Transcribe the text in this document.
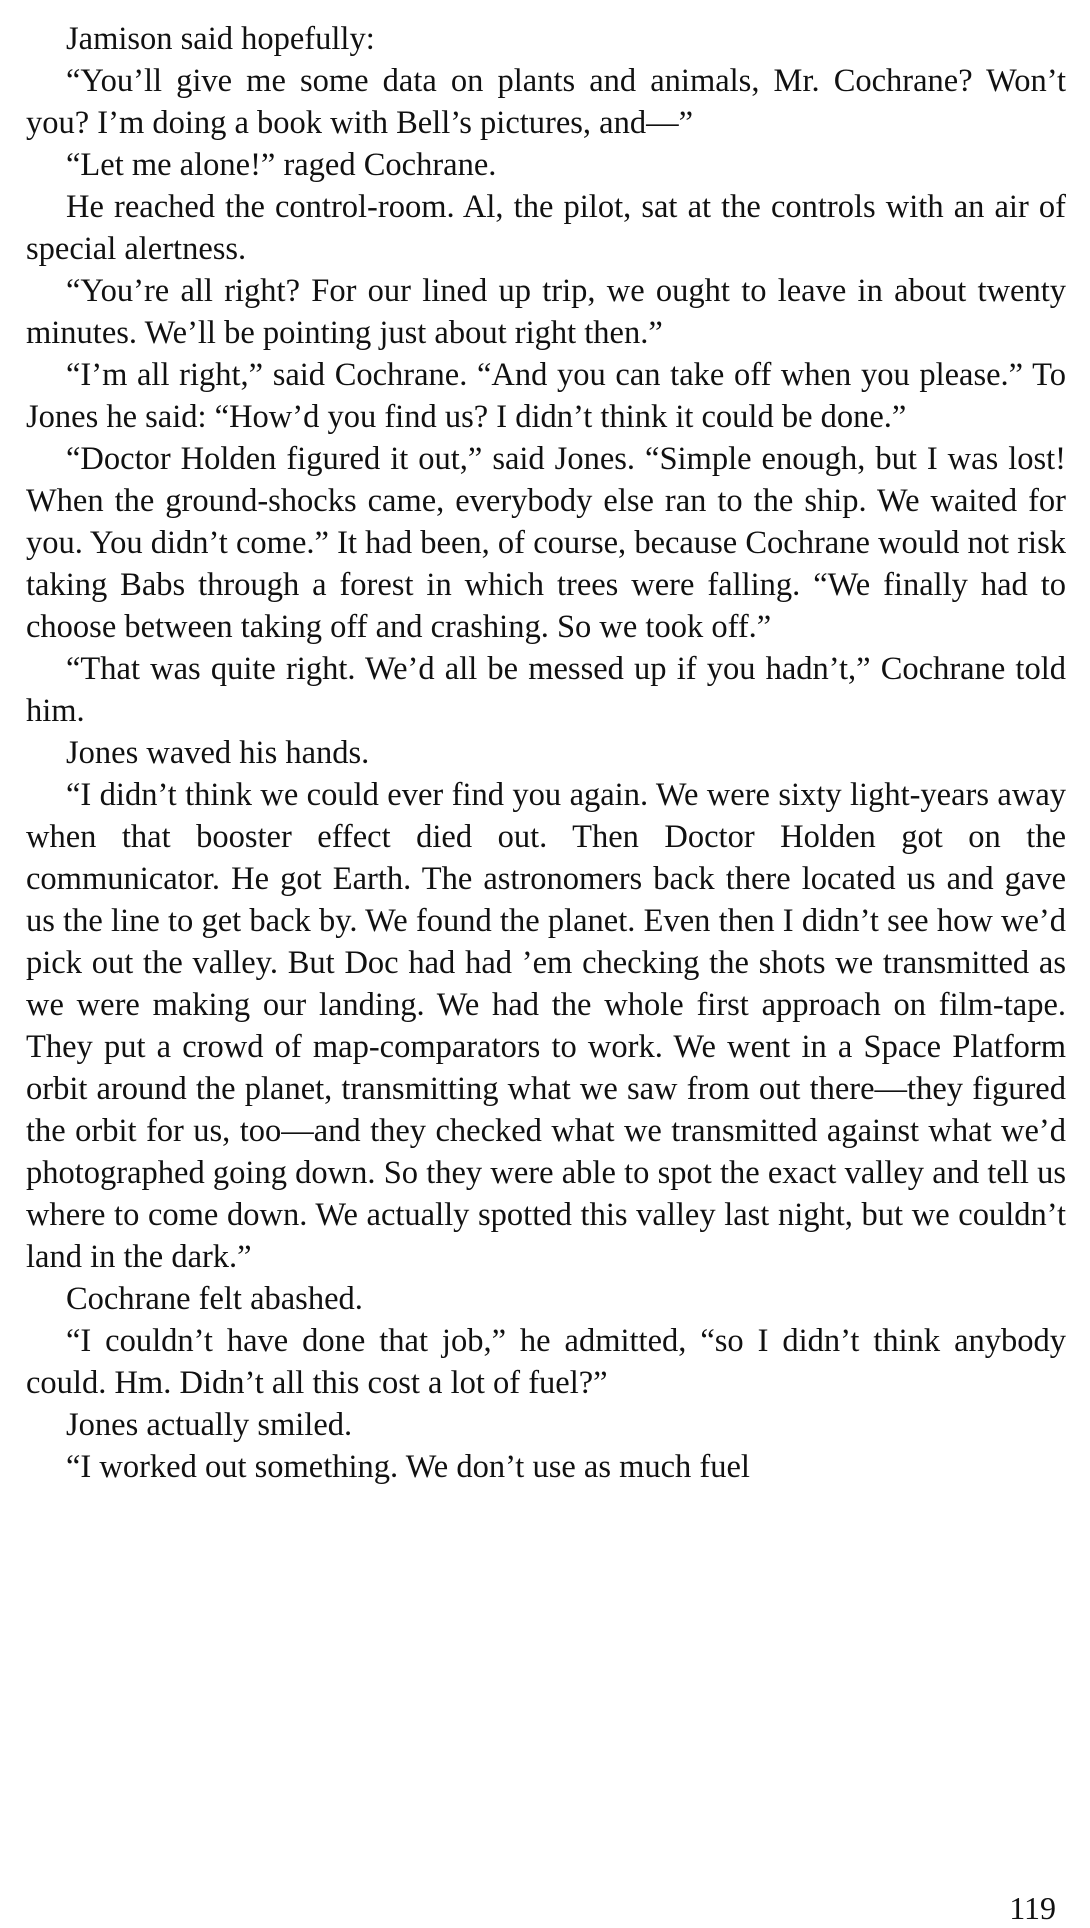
Jamison said hopefully:

“You’ll give me some data on plants and animals, Mr. Cochrane? Won’t you? I’m doing a book with Bell’s pictures, and—”

“Let me alone!” raged Cochrane.

He reached the control-room. Al, the pilot, sat at the controls with an air of special alertness.

“You’re all right? For our lined up trip, we ought to leave in about twenty minutes. We’ll be pointing just about right then.”

“I’m all right,” said Cochrane. “And you can take off when you please.” To Jones he said: “How’d you find us? I didn’t think it could be done.”

“Doctor Holden figured it out,” said Jones. “Simple enough, but I was lost! When the ground-shocks came, everybody else ran to the ship. We waited for you. You didn’t come.” It had been, of course, because Cochrane would not risk taking Babs through a forest in which trees were falling. “We finally had to choose between taking off and crashing. So we took off.”

“That was quite right. We’d all be messed up if you hadn’t,” Cochrane told him.

Jones waved his hands.

“I didn’t think we could ever find you again. We were sixty light-years away when that booster effect died out. Then Doctor Holden got on the communicator. He got Earth. The astronomers back there located us and gave us the line to get back by. We found the planet. Even then I didn’t see how we’d pick out the valley. But Doc had had ’em checking the shots we transmitted as we were making our landing. We had the whole first approach on film-tape. They put a crowd of map-comparators to work. We went in a Space Platform orbit around the planet, transmitting what we saw from out there—they figured the orbit for us, too—and they checked what we transmitted against what we’d photographed going down. So they were able to spot the exact valley and tell us where to come down. We actually spotted this valley last night, but we couldn’t land in the dark.”

Cochrane felt abashed.

“I couldn’t have done that job,” he admitted, “so I didn’t think anybody could. Hm. Didn’t all this cost a lot of fuel?”

Jones actually smiled.

“I worked out something. We don’t use as much fuel

119
